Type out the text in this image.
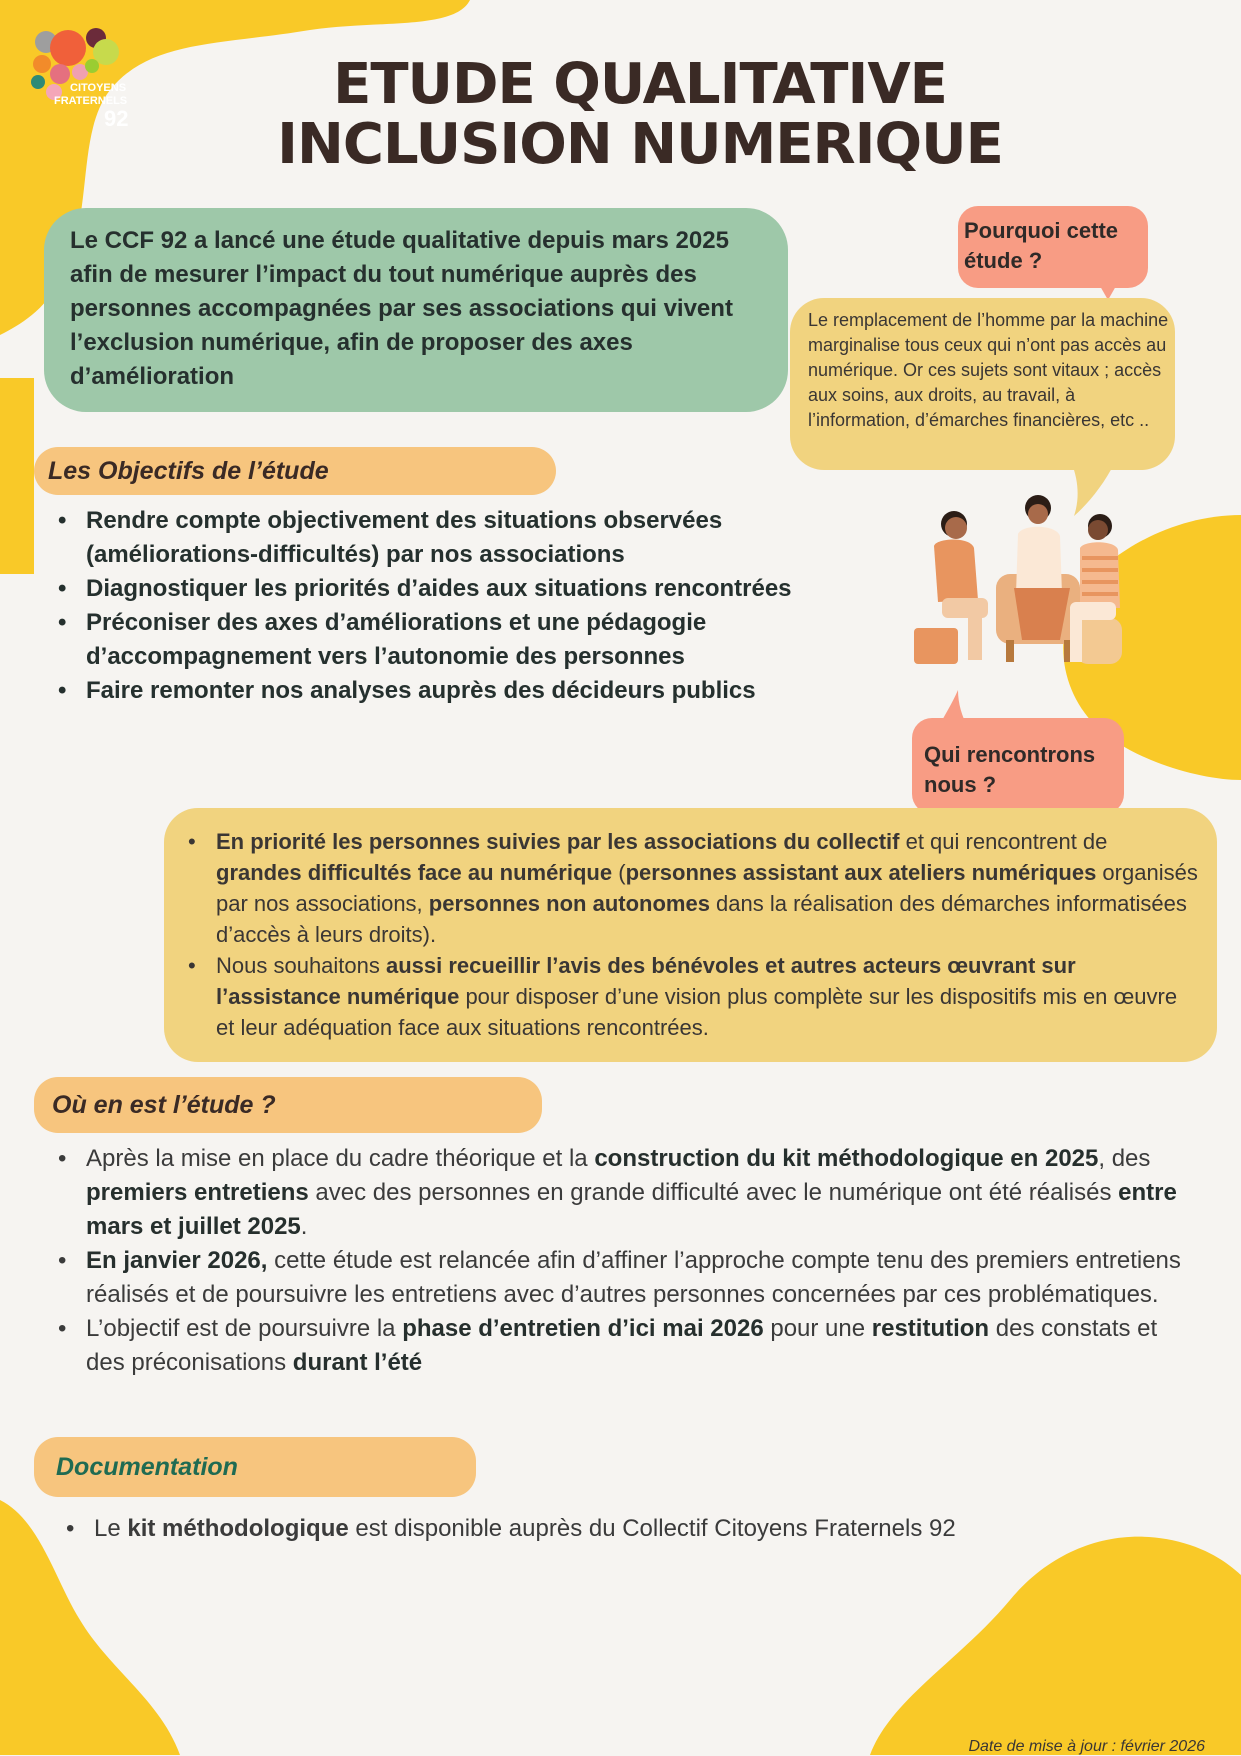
CITOYENS
FRATERNELS
92
ETUDE QUALITATIVE
INCLUSION NUMERIQUE
Le CCF 92 a lancé une étude qualitative depuis mars 2025 afin de mesurer l’impact du tout numérique auprès des personnes accompagnées par ses associations qui vivent l’exclusion numérique, afin de proposer des axes d’amélioration
Pourquoi cette étude ?
Le remplacement de l’homme par la machine marginalise tous ceux qui n’ont pas accès au numérique. Or ces sujets sont vitaux ; accès aux soins, aux droits, au travail, à l’information, d’émarches financières, etc ..
Les Objectifs de l’étude
• Rendre compte objectivement des situations observées (améliorations-difficultés) par nos associations
• Diagnostiquer les priorités d’aides aux situations rencontrées
• Préconiser des axes d’améliorations et une pédagogie d’accompagnement vers l’autonomie des personnes
• Faire remonter nos analyses auprès des décideurs publics
Qui rencontrons nous ?
• En priorité les personnes suivies par les associations du collectif et qui rencontrent de grandes difficultés face au numérique (personnes assistant aux ateliers numériques organisés par nos associations, personnes non autonomes dans la réalisation des démarches informatisées d’accès à leurs droits).
• Nous souhaitons aussi recueillir l’avis des bénévoles et autres acteurs œuvrant sur l’assistance numérique pour disposer d’une vision plus complète sur les dispositifs mis en œuvre et leur adéquation face aux situations rencontrées.
Où en est l’étude ?
• Après la mise en place du cadre théorique et la construction du kit méthodologique en 2025, des premiers entretiens avec des personnes en grande difficulté avec le numérique ont été réalisés entre mars et juillet 2025.
• En janvier 2026, cette étude est relancée afin d’affiner l’approche compte tenu des premiers entretiens réalisés et de poursuivre les entretiens avec d’autres personnes concernées par ces problématiques.
• L’objectif est de poursuivre la phase d’entretien d’ici mai 2026 pour une restitution des constats et des préconisations durant l’été
Documentation
• Le kit méthodologique est disponible auprès du Collectif Citoyens Fraternels 92
Date de mise à jour : février 2026
